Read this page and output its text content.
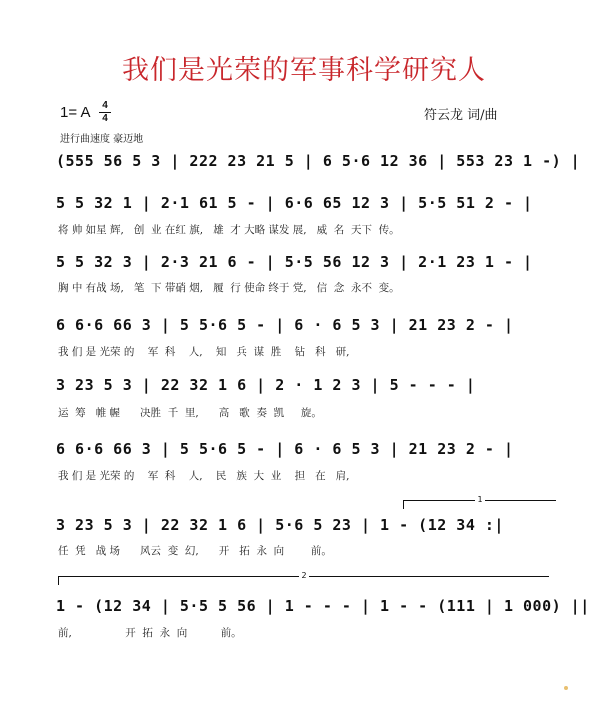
我们是光荣的军事科学研究人
1= A	4
4	符云龙 词/曲
进行曲速度 豪迈地
(555 56 5 3 | 222 23 21 5 | 6 5·6 12 36 | 553 23 1 -) |
5 5 32 1 | 2·1 61 5 - | 6·6 65 12 3 | 5·5 51 2 - |
将 帅 如星 辉,   创  业 在红 旗,   雄  才 大略 谋发 展,   威  名  天下  传。
5 5 32 3 | 2·3 21 6 - | 5·5 56 12 3 | 2·1 23 1 - |
胸 中 有战 场,   笔  下 带硝 烟,   履  行 使命 终于 党,   信  念  永不  变。
6 6·6 66 3 | 5 5·6 5 - | 6 · 6 5 3 | 21 23 2 - |
我 们 是 光荣 的    军  科    人,    知   兵  谋  胜    钻   科   研,
3 23 5 3 | 22 32 1 6 | 2 · 1 2 3 | 5 - - - |
运  筹   帷 幄      决胜  千  里,      高   歌  奏  凯     旋。
6 6·6 66 3 | 5 5·6 5 - | 6 · 6 5 3 | 21 23 2 - |
我 们 是 光荣 的    军  科    人,    民   族  大  业    担   在   肩,
1
3 23 5 3 | 22 32 1 6 | 5·6 5 23 | 1 - (12 34 :|
任  凭   战 场      风云  变  幻,      开   拓  永  向        前。
2
1 - (12 34 | 5·5 5 56 | 1 - - - | 1 - - (111 | 1 000) ||
前,                开  拓  永  向          前。
